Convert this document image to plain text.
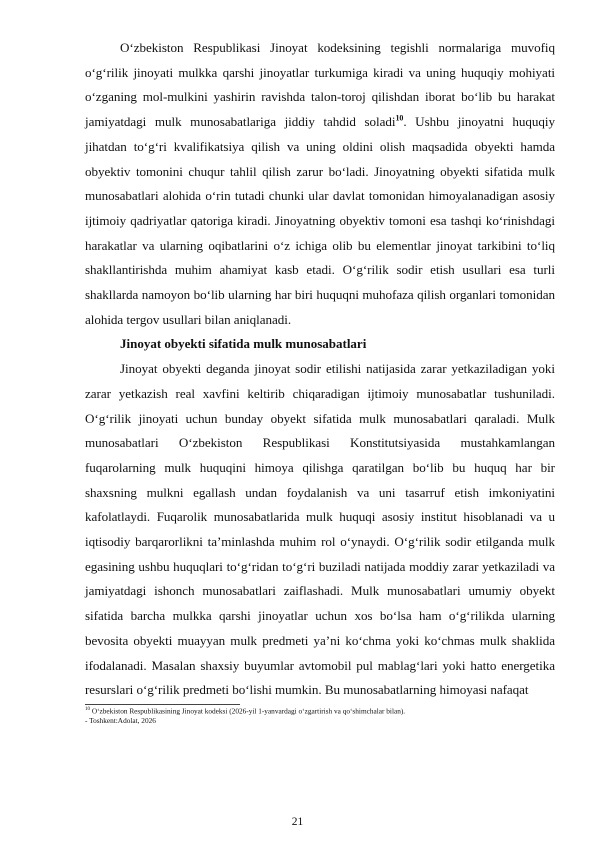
O‘zbekiston Respublikasi Jinoyat kodeksining tegishli normalariga muvofiq o‘g‘rilik jinoyati mulkka qarshi jinoyatlar turkumiga kiradi va uning huquqiy mohiyati o‘zganing mol-mulkini yashirin ravishda talon-toroj qilishdan iborat bo‘lib bu harakat jamiyatdagi mulk munosabatlariga jiddiy tahdid soladi$^{10}$. Ushbu jinoyatni huquqiy jihatdan to‘g‘ri kvalifikatsiya qilish va uning oldini olish maqsadida obyekti hamda obyektiv tomonini chuqur tahlil qilish zarur bo‘ladi. Jinoyatning obyekti sifatida mulk munosabatlari alohida o‘rin tutadi chunki ular davlat tomonidan himoyalanadigan asosiy ijtimoiy qadriyatlar qatoriga kiradi. Jinoyatning obyektiv tomoni esa tashqi ko‘rinishdagi harakatlar va ularning oqibatlarini o‘z ichiga olib bu elementlar jinoyat tarkibini to‘liq shakllantirishda muhim ahamiyat kasb etadi. O‘g‘rilik sodir etish usullari esa turli shakllarda namoyon bo‘lib ularning har biri huquqni muhofaza qilish organlari tomonidan alohida tergov usullari bilan aniqlanadi.

Jinoyat obyekti sifatida mulk munosabatlari

Jinoyat obyekti deganda jinoyat sodir etilishi natijasida zarar yetkaziladigan yoki zarar yetkazish real xavfini keltirib chiqaradigan ijtimoiy munosabatlar tushuniladi. O‘g‘rilik jinoyati uchun bunday obyekt sifatida mulk munosabatlari qaraladi. Mulk munosabatlari O‘zbekiston Respublikasi Konstitutsiyasida mustahkamlangan fuqarolarning mulk huquqini himoya qilishga qaratilgan bo‘lib bu huquq har bir shaxsning mulkni egallash undan foydalanish va uni tasarruf etish imkoniyatini kafolatlaydi. Fuqarolik munosabatlarida mulk huquqi asosiy institut hisoblanadi va u iqtisodiy barqarorlikni ta’minlashda muhim rol o‘ynaydi. O‘g‘rilik sodir etilganda mulk egasining ushbu huquqlari to‘g‘ridan to‘g‘ri buziladi natijada moddiy zarar yetkaziladi va jamiyatdagi ishonch munosabatlari zaiflashadi. Mulk munosabatlari umumiy obyekt sifatida barcha mulkka qarshi jinoyatlar uchun xos bo‘lsa ham o‘g‘rilikda ularning bevosita obyekti muayyan mulk predmeti ya’ni ko‘chma yoki ko‘chmas mulk shaklida ifodalanadi. Masalan shaxsiy buyumlar avtomobil pul mablag‘lari yoki hatto energetika resurslari o‘g‘rilik predmeti bo‘lishi mumkin. Bu munosabatlarning himoyasi nafaqat

$^{10}$ O‘zbekiston Respublikasining Jinoyat kodeksi (2026-yil 1-yanvardagi o‘zgartirish va qo‘shimchalar bilan).
- Toshkent:Adolat, 2026

21
